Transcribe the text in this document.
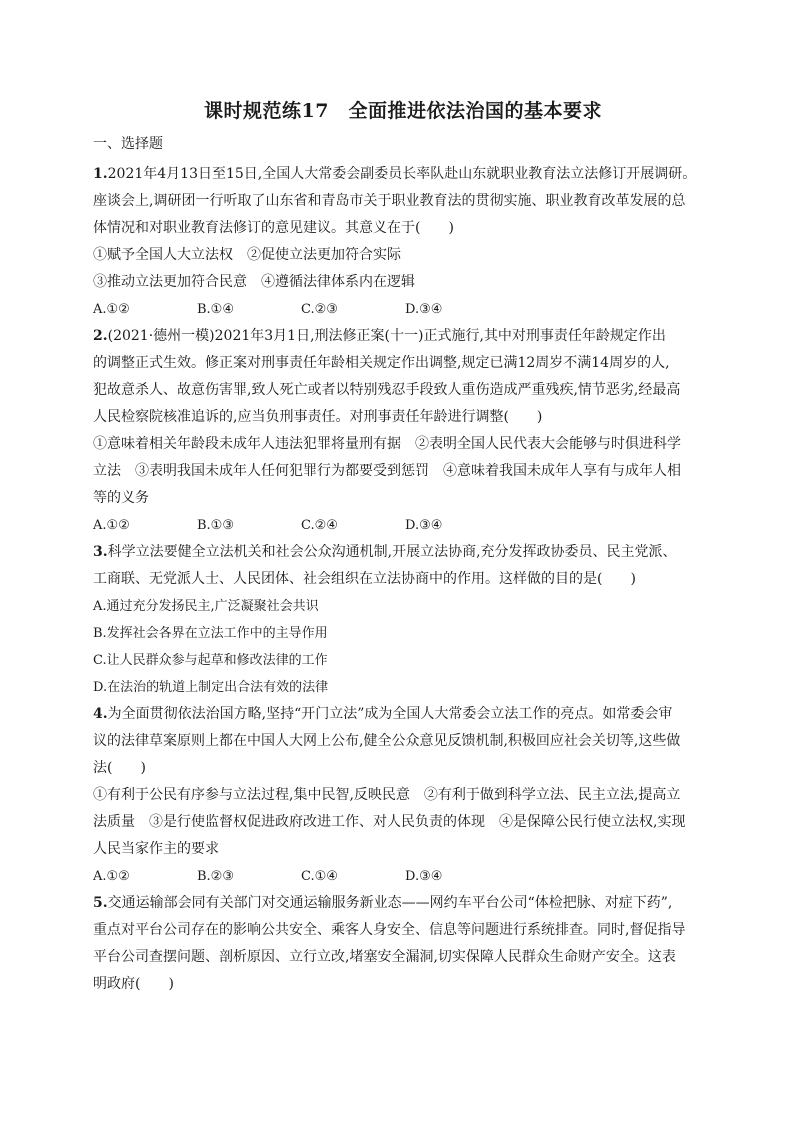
课时规范练17　全面推进依法治国的基本要求
一、选择题
1.2021年4月13日至15日,全国人大常委会副委员长率队赴山东就职业教育法立法修订开展调研。
座谈会上,调研团一行听取了山东省和青岛市关于职业教育法的贯彻实施、职业教育改革发展的总
体情况和对职业教育法修订的意见建议。其意义在于(　　)
①赋予全国人大立法权　②促使立法更加符合实际
③推动立法更加符合民意　④遵循法律体系内在逻辑
A.①②	B.①④	C.②③	D.③④
2.(2021·德州一模)2021年3月1日,刑法修正案(十一)正式施行,其中对刑事责任年龄规定作出
的调整正式生效。修正案对刑事责任年龄相关规定作出调整,规定已满12周岁不满14周岁的人,
犯故意杀人、故意伤害罪,致人死亡或者以特别残忍手段致人重伤造成严重残疾,情节恶劣,经最高
人民检察院核准追诉的,应当负刑事责任。对刑事责任年龄进行调整(　　)
①意味着相关年龄段未成年人违法犯罪将量刑有据　②表明全国人民代表大会能够与时俱进科学
立法　③表明我国未成年人任何犯罪行为都要受到惩罚　④意味着我国未成年人享有与成年人相
等的义务
A.①②	B.①③	C.②④	D.③④
3.科学立法要健全立法机关和社会公众沟通机制,开展立法协商,充分发挥政协委员、民主党派、
工商联、无党派人士、人民团体、社会组织在立法协商中的作用。这样做的目的是(　　)
A.通过充分发扬民主,广泛凝聚社会共识
B.发挥社会各界在立法工作中的主导作用
C.让人民群众参与起草和修改法律的工作
D.在法治的轨道上制定出合法有效的法律
4.为全面贯彻依法治国方略,坚持“开门立法”成为全国人大常委会立法工作的亮点。如常委会审
议的法律草案原则上都在中国人大网上公布,健全公众意见反馈机制,积极回应社会关切等,这些做
法(　　)
①有利于公民有序参与立法过程,集中民智,反映民意　②有利于做到科学立法、民主立法,提高立
法质量　③是行使监督权促进政府改进工作、对人民负责的体现　④是保障公民行使立法权,实现
人民当家作主的要求
A.①②	B.②③	C.①④	D.③④
5.交通运输部会同有关部门对交通运输服务新业态——网约车平台公司“体检把脉、对症下药”,
重点对平台公司存在的影响公共安全、乘客人身安全、信息等问题进行系统排查。同时,督促指导
平台公司查摆问题、剖析原因、立行立改,堵塞安全漏洞,切实保障人民群众生命财产安全。这表
明政府(　　)
